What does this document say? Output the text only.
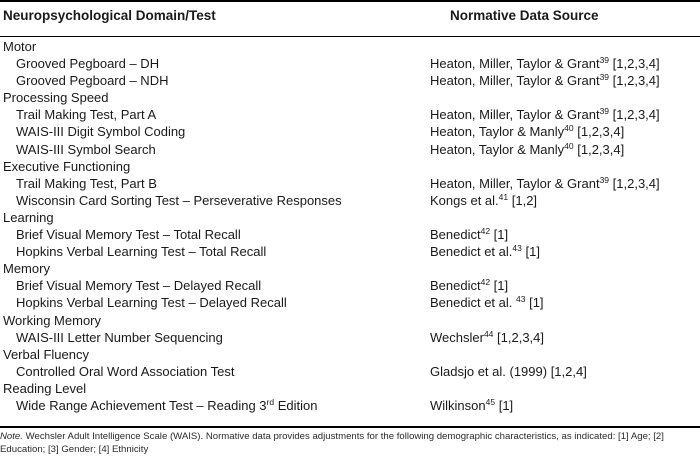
Neuropsychological Domain/Test	Normative Data Source
Motor
Grooved Pegboard – DH	Heaton, Miller, Taylor & Grant$^{39}$ [1,2,3,4]
Grooved Pegboard – NDH	Heaton, Miller, Taylor & Grant$^{39}$ [1,2,3,4]
Processing Speed
Trail Making Test, Part A	Heaton, Miller, Taylor & Grant$^{39}$ [1,2,3,4]
WAIS-III Digit Symbol Coding	Heaton, Taylor & Manly$^{40}$ [1,2,3,4]
WAIS-III Symbol Search	Heaton, Taylor & Manly$^{40}$ [1,2,3,4]
Executive Functioning
Trail Making Test, Part B	Heaton, Miller, Taylor & Grant$^{39}$ [1,2,3,4]
Wisconsin Card Sorting Test – Perseverative Responses	Kongs et al.$^{41}$ [1,2]
Learning
Brief Visual Memory Test – Total Recall	Benedict$^{42}$ [1]
Hopkins Verbal Learning Test – Total Recall	Benedict et al.$^{43}$ [1]
Memory
Brief Visual Memory Test – Delayed Recall	Benedict$^{42}$ [1]
Hopkins Verbal Learning Test – Delayed Recall	Benedict et al. $^{43}$ [1]
Working Memory
WAIS-III Letter Number Sequencing	Wechsler$^{44}$ [1,2,3,4]
Verbal Fluency
Controlled Oral Word Association Test	Gladsjo et al. (1999) [1,2,4]
Reading Level
Wide Range Achievement Test – Reading 3rd Edition	Wilkinson$^{45}$ [1]
Note. Wechsler Adult Intelligence Scale (WAIS). Normative data provides adjustments for the following demographic characteristics, as indicated: [1] Age; [2] Education; [3] Gender; [4] Ethnicity
